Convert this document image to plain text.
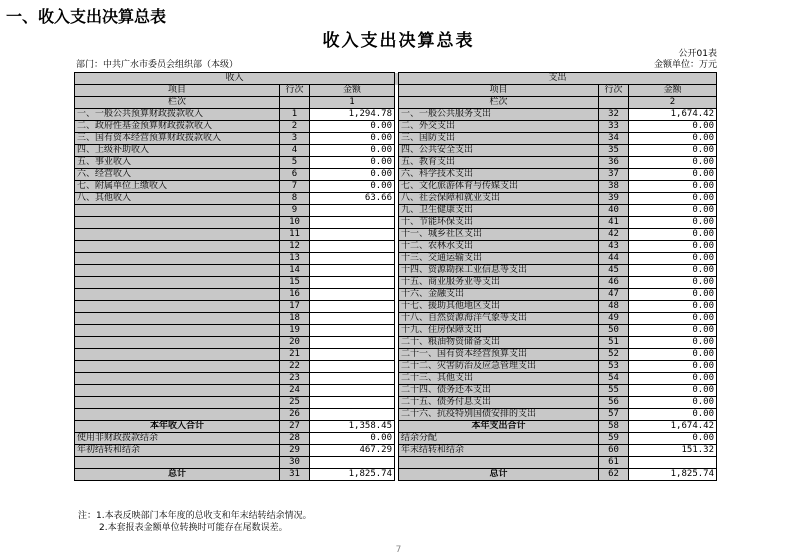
一、收入支出决算总表
收入支出决算总表
公开01表
部门：中共广水市委员会组织部（本级）	金额单位：万元
收入				支出		
项目	行次	金额		项目	行次	金额
栏次		1		栏次		2
一、一般公共预算财政拨款收入	1	1,294.78		一、一般公共服务支出	32	1,674.42
二、政府性基金预算财政拨款收入	2	0.00		二、外交支出	33	0.00
三、国有资本经营预算财政拨款收入	3	0.00		三、国防支出	34	0.00
四、上级补助收入	4	0.00		四、公共安全支出	35	0.00
五、事业收入	5	0.00		五、教育支出	36	0.00
六、经营收入	6	0.00		六、科学技术支出	37	0.00
七、附属单位上缴收入	7	0.00		七、文化旅游体育与传媒支出	38	0.00
八、其他收入	8	63.66		八、社会保障和就业支出	39	0.00
	9			九、卫生健康支出	40	0.00
	10			十、节能环保支出	41	0.00
	11			十一、城乡社区支出	42	0.00
	12			十二、农林水支出	43	0.00
	13			十三、交通运输支出	44	0.00
	14			十四、资源勘探工业信息等支出	45	0.00
	15			十五、商业服务业等支出	46	0.00
	16			十六、金融支出	47	0.00
	17			十七、援助其他地区支出	48	0.00
	18			十八、自然资源海洋气象等支出	49	0.00
	19			十九、住房保障支出	50	0.00
	20			二十、粮油物资储备支出	51	0.00
	21			二十一、国有资本经营预算支出	52	0.00
	22			二十二、灾害防治及应急管理支出	53	0.00
	23			二十三、其他支出	54	0.00
	24			二十四、债务还本支出	55	0.00
	25			二十五、债务付息支出	56	0.00
	26			二十六、抗疫特别国债安排的支出	57	0.00
本年收入合计	27	1,358.45		本年支出合计	58	1,674.42
使用非财政拨款结余	28	0.00		结余分配	59	0.00
年初结转和结余	29	467.29		年末结转和结余	60	151.32
	30				61	
总计	31	1,825.74		总计	62	1,825.74
注：1.本表反映部门本年度的总收支和年末结转结余情况。
2.本套报表金额单位转换时可能存在尾数误差。
7
